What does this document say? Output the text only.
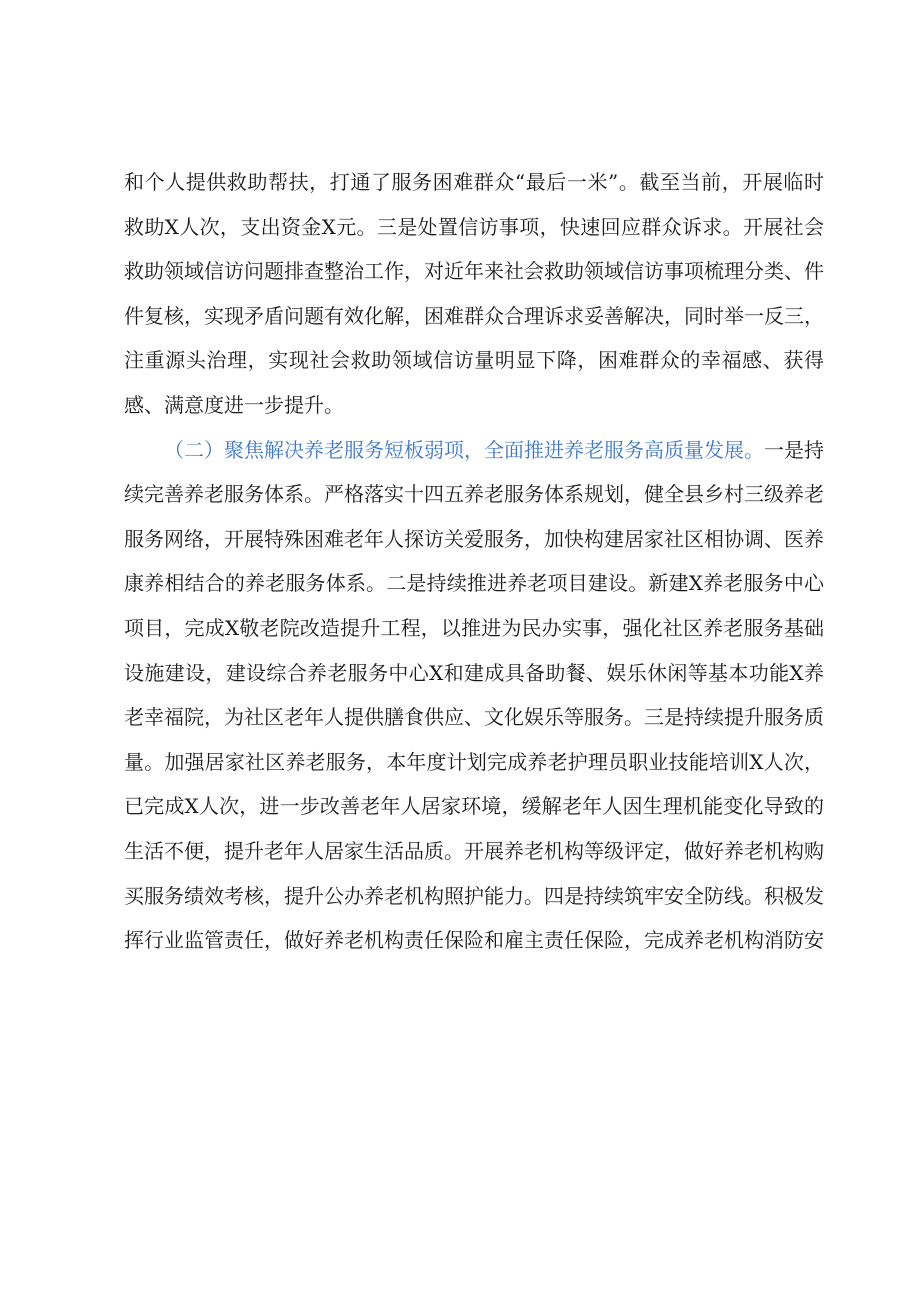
和个人提供救助帮扶，打通了服务困难群众“最后一米”。截至当前，开展临时救助X人次，支出资金X元。三是处置信访事项，快速回应群众诉求。开展社会救助领域信访问题排查整治工作，对近年来社会救助领域信访事项梳理分类、件件复核，实现矛盾问题有效化解，困难群众合理诉求妥善解决，同时举一反三，注重源头治理，实现社会救助领域信访量明显下降，困难群众的幸福感、获得感、满意度进一步提升。

（二）聚焦解决养老服务短板弱项，全面推进养老服务高质量发展。一是持续完善养老服务体系。严格落实十四五养老服务体系规划，健全县乡村三级养老服务网络，开展特殊困难老年人探访关爱服务，加快构建居家社区相协调、医养康养相结合的养老服务体系。二是持续推进养老项目建设。新建X养老服务中心项目，完成X敬老院改造提升工程，以推进为民办实事，强化社区养老服务基础设施建设，建设综合养老服务中心X和建成具备助餐、娱乐休闲等基本功能X养老幸福院，为社区老年人提供膳食供应、文化娱乐等服务。三是持续提升服务质量。加强居家社区养老服务，本年度计划完成养老护理员职业技能培训X人次，已完成X人次，进一步改善老年人居家环境，缓解老年人因生理机能变化导致的生活不便，提升老年人居家生活品质。开展养老机构等级评定，做好养老机构购买服务绩效考核，提升公办养老机构照护能力。四是持续筑牢安全防线。积极发挥行业监管责任，做好养老机构责任保险和雇主责任保险，完成养老机构消防安
